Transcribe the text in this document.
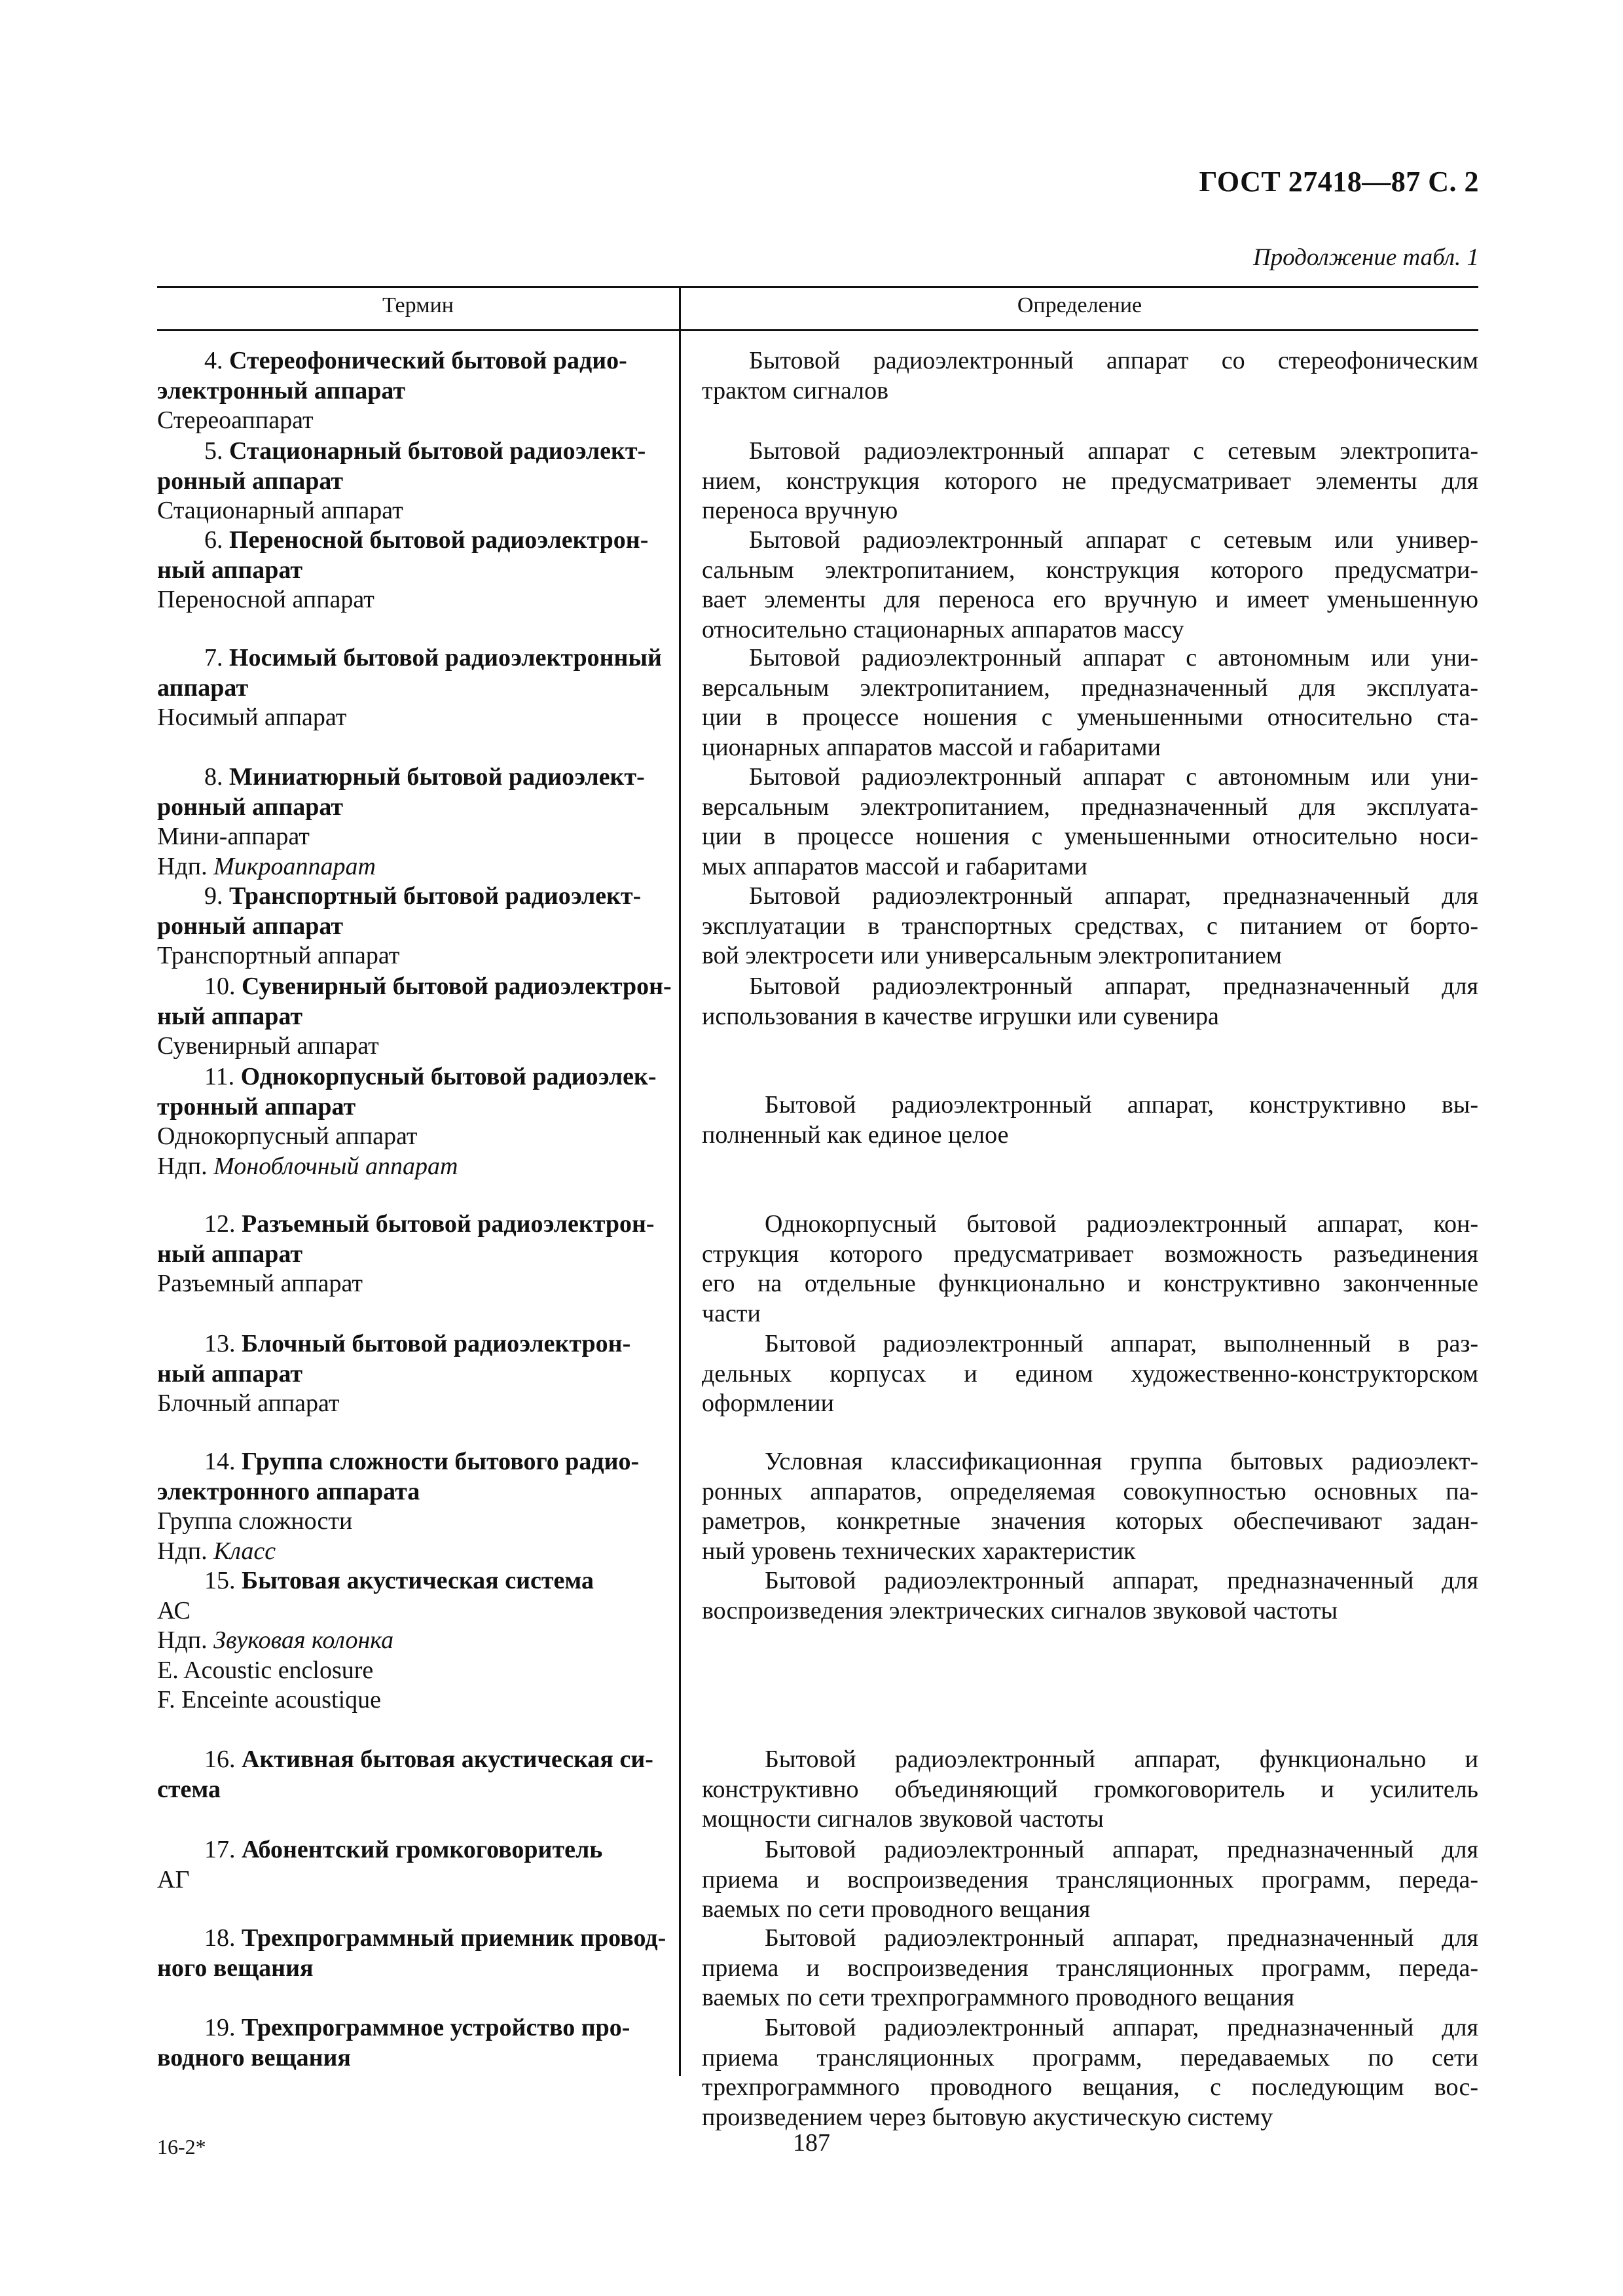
ГОСТ 27418—87 С. 2
Продолжение табл. 1
Термин	Определение
4. Стереофонический бытовой радио-
электронный аппарат
Стереоаппарат
Бытовой радиоэлектронный аппарат со стереофоническим
трактом сигналов
5. Стационарный бытовой радиоэлект-
ронный аппарат
Стационарный аппарат
Бытовой радиоэлектронный аппарат с сетевым электропита-
нием, конструкция которого не предусматривает элементы для
переноса вручную
6. Переносной бытовой радиоэлектрон-
ный аппарат
Переносной аппарат
Бытовой радиоэлектронный аппарат с сетевым или универ-
сальным электропитанием, конструкция которого предусматри-
вает элементы для переноса его вручную и имеет уменьшенную
относительно стационарных аппаратов массу
7. Носимый бытовой радиоэлектронный
аппарат
Носимый аппарат
Бытовой радиоэлектронный аппарат с автономным или уни-
версальным электропитанием, предназначенный для эксплуата-
ции в процессе ношения с уменьшенными относительно ста-
ционарных аппаратов массой и габаритами
8. Миниатюрный бытовой радиоэлект-
ронный аппарат
Мини-аппарат
Ндп. Микроаппарат
Бытовой радиоэлектронный аппарат с автономным или уни-
версальным электропитанием, предназначенный для эксплуата-
ции в процессе ношения с уменьшенными относительно носи-
мых аппаратов массой и габаритами
9. Транспортный бытовой радиоэлект-
ронный аппарат
Транспортный аппарат
Бытовой радиоэлектронный аппарат, предназначенный для
эксплуатации в транспортных средствах, с питанием от борто-
вой электросети или универсальным электропитанием
10. Сувенирный бытовой радиоэлектрон-
ный аппарат
Сувенирный аппарат
Бытовой радиоэлектронный аппарат, предназначенный для
использования в качестве игрушки или сувенира
11. Однокорпусный бытовой радиоэлек-
тронный аппарат
Однокорпусный аппарат
Ндп. Моноблочный аппарат
Бытовой радиоэлектронный аппарат, конструктивно вы-
полненный как единое целое
12. Разъемный бытовой радиоэлектрон-
ный аппарат
Разъемный аппарат
Однокорпусный бытовой радиоэлектронный аппарат, кон-
струкция которого предусматривает возможность разъединения
его на отдельные функционально и конструктивно законченные
части
13. Блочный бытовой радиоэлектрон-
ный аппарат
Блочный аппарат
Бытовой радиоэлектронный аппарат, выполненный в раз-
дельных корпусах и едином художественно-конструкторском
оформлении
14. Группа сложности бытового радио-
электронного аппарата
Группа сложности
Ндп. Класс
Условная классификационная группа бытовых радиоэлект-
ронных аппаратов, определяемая совокупностью основных па-
раметров, конкретные значения которых обеспечивают задан-
ный уровень технических характеристик
15. Бытовая акустическая система
АС
Ндп. Звуковая колонка
E. Acoustic enclosure
F. Enceinte acoustique
Бытовой радиоэлектронный аппарат, предназначенный для
воспроизведения электрических сигналов звуковой частоты
16. Активная бытовая акустическая си-
стема
Бытовой радиоэлектронный аппарат, функционально и
конструктивно объединяющий громкоговоритель и усилитель
мощности сигналов звуковой частоты
17. Абонентский громкоговоритель
АГ
Бытовой радиоэлектронный аппарат, предназначенный для
приема и воспроизведения трансляционных программ, переда-
ваемых по сети проводного вещания
18. Трехпрограммный приемник провод-
ного вещания
Бытовой радиоэлектронный аппарат, предназначенный для
приема и воспроизведения трансляционных программ, переда-
ваемых по сети трехпрограммного проводного вещания
19. Трехпрограммное устройство про-
водного вещания
Бытовой радиоэлектронный аппарат, предназначенный для
приема трансляционных программ, передаваемых по сети
трехпрограммного проводного вещания, с последующим вос-
произведением через бытовую акустическую систему
16-2*	187
